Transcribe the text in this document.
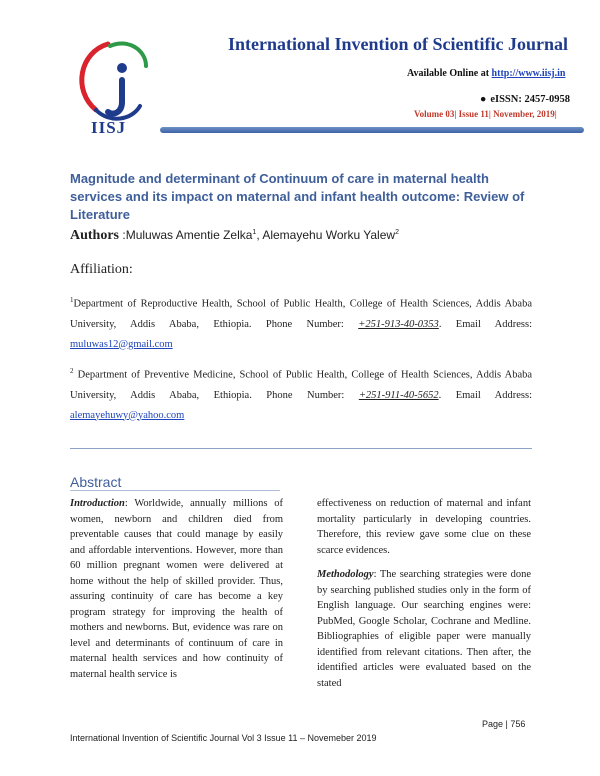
IISJ
International Invention of Scientific Journal
Available Online at http://www.iisj.in
● eISSN: 2457-0958
Volume 03| Issue 11| November, 2019|
Magnitude and determinant of Continuum of care in maternal health services and its impact on maternal and infant health outcome: Review of Literature
Authors :Muluwas Amentie Zelka$^1$, Alemayehu Worku Yalew$^2$
Affiliation:
$^1$Department of Reproductive Health, School of Public Health, College of Health Sciences, Addis Ababa University, Addis Ababa, Ethiopia. Phone Number: +251-913-40-0353. Email Address: muluwas12@gmail.com
$^2$ Department of Preventive Medicine, School of Public Health, College of Health Sciences, Addis Ababa University, Addis Ababa, Ethiopia. Phone Number: +251-911-40-5652. Email Address: alemayehuwy@yahoo.com
Abstract

Introduction: Worldwide, annually millions of women, newborn and children died from preventable causes that could manage by easily and affordable interventions. However, more than 60 million pregnant women were delivered at home without the help of skilled provider. Thus, assuring continuity of care has become a key program strategy for improving the health of mothers and newborns. But, evidence was rare on level and determinants of continuum of care in maternal health services and how continuity of maternal health service is

effectiveness on reduction of maternal and infant mortality particularly in developing countries. Therefore, this review gave some clue on these scarce evidences.

Methodology: The searching strategies were done by searching published studies only in the form of English language. Our searching engines were: PubMed, Google Scholar, Cochrane and Medline. Bibliographies of eligible paper were manually identified from relevant citations. Then after, the identified articles were evaluated based on the stated

Page | 756
International Invention of Scientific Journal Vol 3 Issue 11 – Novemeber 2019
